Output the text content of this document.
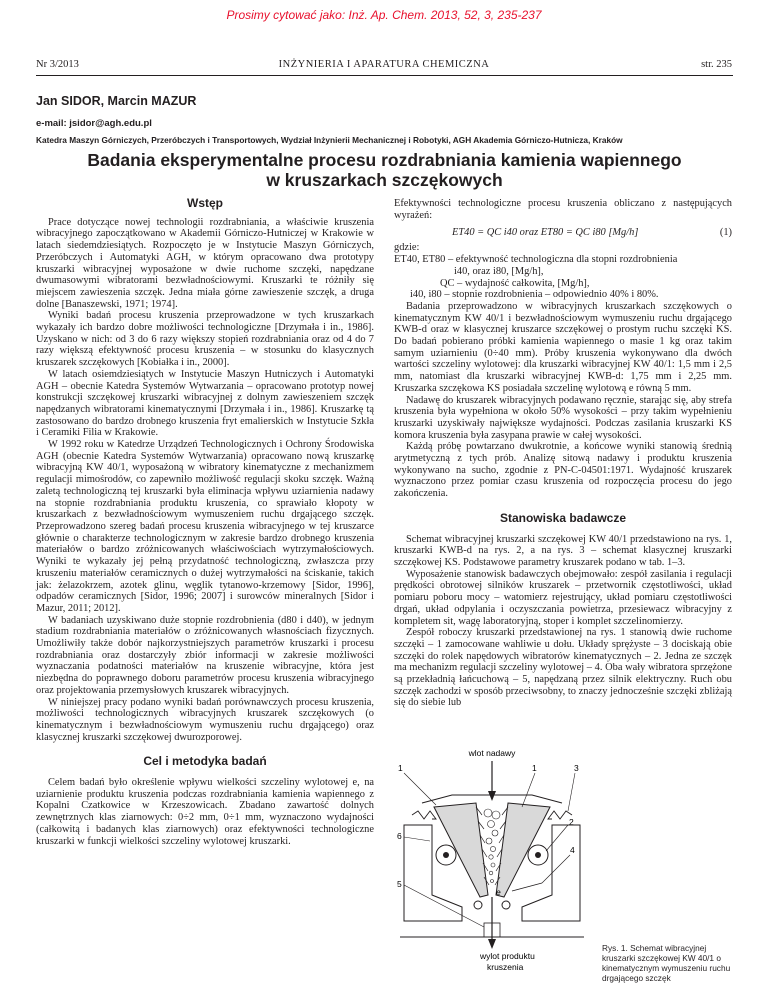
Prosimy cytować jako: Inż. Ap. Chem. 2013, 52, 3, 235-237
Nr 3/2013	INŻYNIERIA I APARATURA CHEMICZNA	str. 235
Jan SIDOR, Marcin MAZUR
e-mail: jsidor@agh.edu.pl
Katedra Maszyn Górniczych, Przeróbczych i Transportowych, Wydział Inżynierii Mechanicznej i Robotyki, AGH Akademia Górniczo-Hutnicza, Kraków
Badania eksperymentalne procesu rozdrabniania kamienia wapiennego
w kruszarkach szczękowych
Wstęp

Prace dotyczące nowej technologii rozdrabniania, a właściwie kruszenia wibracyjnego zapoczątkowano w Akademii Górniczo-Hutniczej w Krakowie w latach siedemdziesiątych. Rozpoczęto je w Instytucie Maszyn Górniczych, Przeróbczych i Automatyki AGH, w którym opracowano dwa prototypy kruszarki wibracyjnej wyposażone w dwie ruchome szczęki, napędzane dwumasowymi wibratorami bezwładnościowymi. Kruszarki te różniły się miejscem zawieszenia szczęk. Jedna miała górne zawieszenie szczęk, a druga dolne [Banaszewski, 1971; 1974].

Wyniki badań procesu kruszenia przeprowadzone w tych kruszarkach wykazały ich bardzo dobre możliwości technologiczne [Drzymała i in., 1986]. Uzyskano w nich: od 3 do 6 razy większy stopień rozdrabniania oraz od 4 do 7 razy większą efektywność procesu kruszenia – w stosunku do klasycznych kruszarek szczękowych [Kobiałka i in., 2000].

W latach osiemdziesiątych w Instytucie Maszyn Hutniczych i Automatyki AGH – obecnie Katedra Systemów Wytwarzania – opracowano prototyp nowej konstrukcji szczękowej kruszarki wibracyjnej z dolnym zawieszeniem szczęk napędzanych wibratorami kinematycznymi [Drzymała i in., 1986]. Kruszarkę tą zastosowano do bardzo drobnego kruszenia fryt emalierskich w Instytucie Szkła i Ceramiki Filia w Krakowie.

W 1992 roku w Katedrze Urządzeń Technologicznych i Ochrony Środowiska AGH (obecnie Katedra Systemów Wytwarzania) opracowano nową kruszarkę wibracyjną KW 40/1, wyposażoną w wibratory kinematyczne z mechanizmem regulacji mimośrodów, co zapewniło możliwość regulacji skoku szczęk. Ważną zaletą technologiczną tej kruszarki była eliminacja wpływu uziarnienia nadawy na stopnie rozdrabniania produktu kruszenia, co sprawiało kłopoty w kruszarkach z bezwładnościowym wymuszeniem ruchu drgającego szczęk. Przeprowadzono szereg badań procesu kruszenia wibracyjnego w tej kruszarce głównie o charakterze technologicznym w zakresie bardzo drobnego kruszenia materiałów o bardzo zróżnicowanych właściwościach wytrzymałościowych. Wyniki te wykazały jej pełną przydatność technologiczną, zwłaszcza przy kruszeniu materiałów ceramicznych o dużej wytrzymałości na ściskanie, takich jak: żelazokrzem, azotek glinu, węglik tytanowo-krzemowy [Sidor, 1996], odpadów ceramicznych [Sidor, 1996; 2007] i surowców mineralnych [Sidor i Mazur, 2011; 2012].

W badaniach uzyskiwano duże stopnie rozdrobnienia (d80 i d40), w jednym stadium rozdrabniania materiałów o zróżnicowanych własnościach fizycznych. Umożliwiły także dobór najkorzystniejszych parametrów kruszarki i procesu rozdrabniania oraz dostarczyły zbiór informacji w zakresie możliwości wyznaczania podatności materiałów na kruszenie wibracyjne, która jest niezbędna do poprawnego doboru parametrów procesu kruszenia wibracyjnego oraz projektowania przemysłowych kruszarek wibracyjnych.

W niniejszej pracy podano wyniki badań porównawczych procesu kruszenia, możliwości technologicznych wibracyjnych kruszarek szczękowych (o kinematycznym i bezwładnościowym wymuszeniu ruchu drgającego) oraz klasycznej kruszarki szczękowej dwurozporowej.

Cel i metodyka badań

Celem badań było określenie wpływu wielkości szczeliny wylotowej e, na uziarnienie produktu kruszenia podczas rozdrabniania kamienia wapiennego z Kopalni Czatkowice w Krzeszowicach. Zbadano zawartość dolnych zewnętrznych klas ziarnowych: 0÷2 mm, 0÷1 mm, wyznaczono wydajności (całkowitą i badanych klas ziarnowych) oraz efektywności technologiczne kruszarki w funkcji wielkości szczeliny wylotowej kruszarki.

Efektywności technologiczne procesu kruszenia obliczano z następujących wyrażeń:

ET40 = QC i40 oraz ET80 = QC i80 [Mg/h]	(1)

gdzie:

ET40, ET80 – efektywność technologiczna dla stopni rozdrobnienia

i40, oraz i80, [Mg/h],

QC – wydajność całkowita, [Mg/h],

i40, i80 – stopnie rozdrobnienia – odpowiednio 40% i 80%.

Badania przeprowadzono w wibracyjnych kruszarkach szczękowych o kinematycznym KW 40/1 i bezwładnościowym wymuszeniu ruchu drgającego KWB-d oraz w klasycznej kruszarce szczękowej o prostym ruchu szczęki KS. Do badań pobierano próbki kamienia wapiennego o masie 1 kg oraz takim samym uziarnieniu (0÷40 mm). Próby kruszenia wykonywano dla dwóch wartości szczeliny wylotowej: dla kruszarki wibracyjnej KW 40/1: 1,5 mm i 2,5 mm, natomiast dla kruszarki wibracyjnej KWB-d: 1,75 mm i 2,25 mm. Kruszarka szczękowa KS posiadała szczelinę wylotową e równą 5 mm.

Nadawę do kruszarek wibracyjnych podawano ręcznie, starając się, aby strefa kruszenia była wypełniona w około 50% wysokości – przy takim wypełnieniu kruszarki uzyskiwały największe wydajności. Podczas zasilania kruszarki KS komora kruszenia była zasypana prawie w całej wysokości.

Każdą próbę powtarzano dwukrotnie, a końcowe wyniki stanowią średnią arytmetyczną z tych prób. Analizę sitową nadawy i produktu kruszenia wykonywano na sucho, zgodnie z PN-C-04501:1971. Wydajność kruszarek wyznaczono przez pomiar czasu kruszenia od rozpoczęcia procesu do jego zakończenia.

Stanowiska badawcze

Schemat wibracyjnej kruszarki szczękowej KW 40/1 przedstawiono na rys. 1, kruszarki KWB-d na rys. 2, a na rys. 3 – schemat klasycznej kruszarki szczękowej KS. Podstawowe parametry kruszarek podano w tab. 1–3.

Wyposażenie stanowisk badawczych obejmowało: zespół zasilania i regulacji prędkości obrotowej silników kruszarek – przetwornik częstotliwości, układ pomiaru poboru mocy – watomierz rejestrujący, układ pomiaru częstotliwości drgań, układ odpylania i oczyszczania powietrza, przesiewacz wibracyjny z kompletem sit, wagę laboratoryjną, stoper i komplet szczelinomierzy.

Zespół roboczy kruszarki przedstawionej na rys. 1 stanowią dwie ruchome szczęki – 1 zamocowane wahliwie u dołu. Układy sprężyste – 3 dociskają obie szczęki do rolek napędowych wibratorów kinematycznych – 2. Jedna ze szczęk ma mechanizm regulacji szczeliny wylotowej – 4. Oba wały wibratora sprzężone są przekładnią łańcuchową – 5, napędzaną przez silnik elektryczny. Ruch obu szczęk zachodzi w sposób przeciwsobny, to znaczy jednocześnie szczęki zbliżają się do siebie lub

wlot nadawy
1	1	3
2
6
4
5
e
wylot produktu
kruszenia
Rys. 1. Schemat wibracyjnej kruszarki szczękowej KW 40/1 o kinematycznym wymuszeniu ruchu drgającego szczęk
